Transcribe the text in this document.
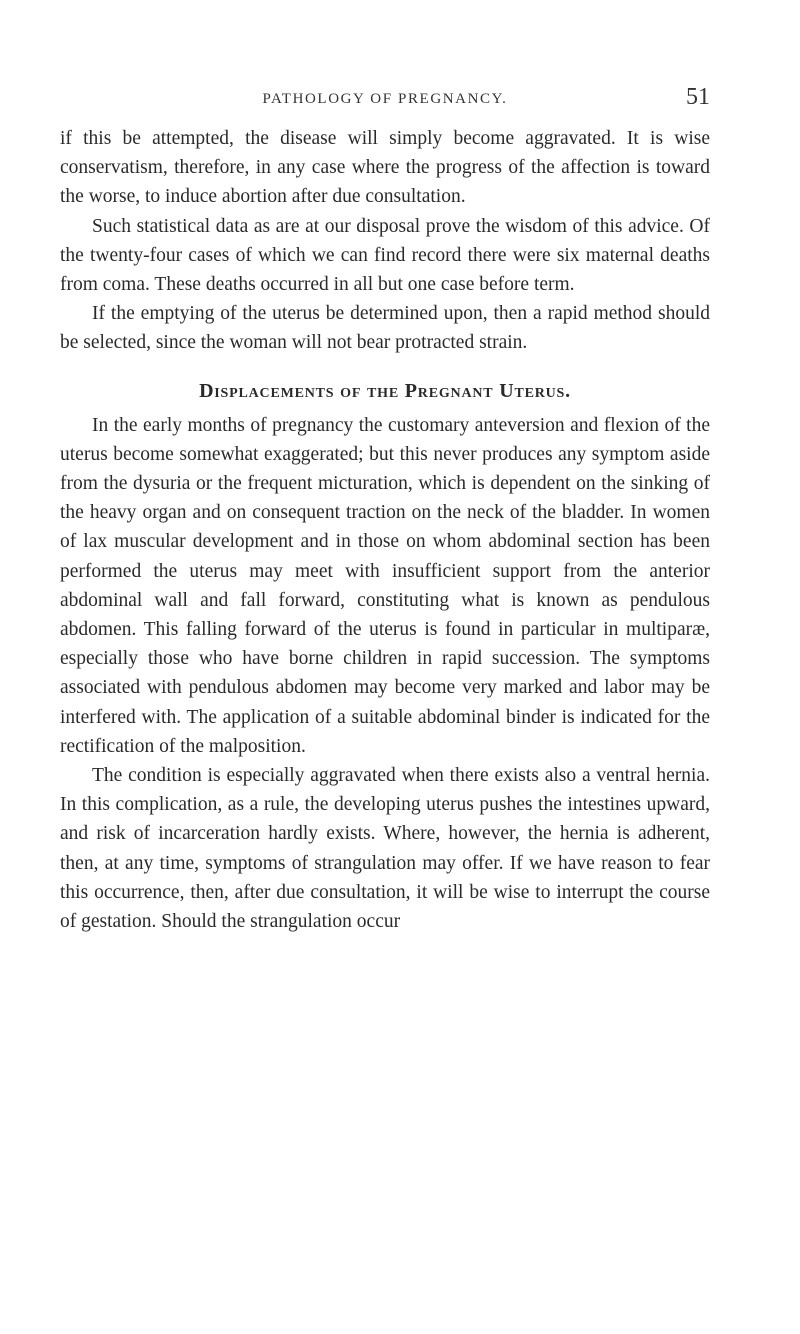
PATHOLOGY OF PREGNANCY.	51

if this be attempted, the disease will simply become aggravated. It is wise conservatism, therefore, in any case where the progress of the affection is toward the worse, to induce abortion after due consultation.

Such statistical data as are at our disposal prove the wisdom of this advice. Of the twenty-four cases of which we can find record there were six maternal deaths from coma. These deaths occurred in all but one case before term.

If the emptying of the uterus be determined upon, then a rapid method should be selected, since the woman will not bear protracted strain.

Displacements of the Pregnant Uterus.

In the early months of pregnancy the customary anteversion and flexion of the uterus become somewhat exaggerated; but this never produces any symptom aside from the dysuria or the frequent micturation, which is dependent on the sinking of the heavy organ and on consequent traction on the neck of the bladder. In women of lax muscular development and in those on whom abdominal section has been performed the uterus may meet with insufficient support from the anterior abdominal wall and fall forward, constituting what is known as pendulous abdomen. This falling forward of the uterus is found in particular in multiparæ, especially those who have borne children in rapid succession. The symptoms associated with pendulous abdomen may become very marked and labor may be interfered with. The application of a suitable abdominal binder is indicated for the rectification of the malposition.

The condition is especially aggravated when there exists also a ventral hernia. In this complication, as a rule, the developing uterus pushes the intestines upward, and risk of incarceration hardly exists. Where, however, the hernia is adherent, then, at any time, symptoms of strangulation may offer. If we have reason to fear this occurrence, then, after due consultation, it will be wise to interrupt the course of gestation. Should the strangulation occur
